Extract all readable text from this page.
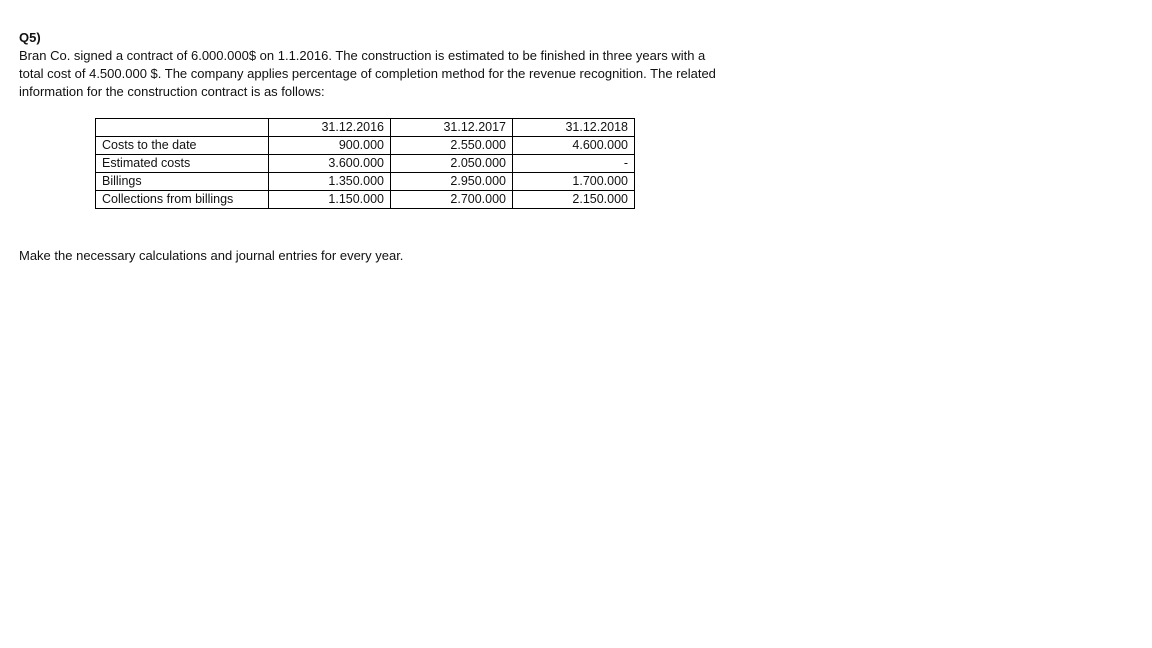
Q5)

Bran Co. signed a contract of 6.000.000$ on 1.1.2016. The construction is estimated to be finished in three years with a total cost of 4.500.000 $. The company applies percentage of completion method for the revenue recognition. The related information for the construction contract is as follows:

	31.12.2016	31.12.2017	31.12.2018
Costs to the date	900.000	2.550.000	4.600.000
Estimated costs	3.600.000	2.050.000	-
Billings	1.350.000	2.950.000	1.700.000
Collections from billings	1.150.000	2.700.000	2.150.000

Make the necessary calculations and journal entries for every year.
